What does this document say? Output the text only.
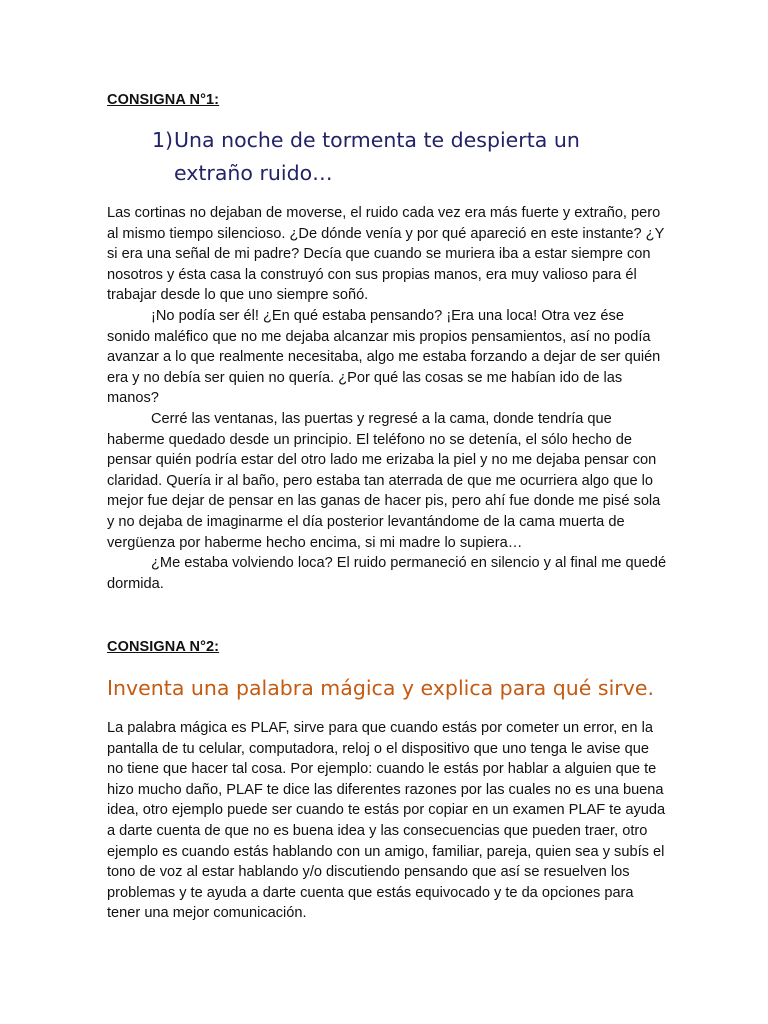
CONSIGNA N°1:
1) Una noche de tormenta te despierta un extraño ruido…

Las cortinas no dejaban de moverse, el ruido cada vez era más fuerte y extraño, pero al mismo tiempo silencioso. ¿De dónde venía y por qué apareció en este instante? ¿Y si era una señal de mi padre? Decía que cuando se muriera iba a estar siempre con nosotros y ésta casa la construyó con sus propias manos, era muy valioso para él trabajar desde lo que uno siempre soñó.

¡No podía ser él! ¿En qué estaba pensando? ¡Era una loca! Otra vez ése sonido maléfico que no me dejaba alcanzar mis propios pensamientos, así no podía avanzar a lo que realmente necesitaba, algo me estaba forzando a dejar de ser quién era y no debía ser quien no quería. ¿Por qué las cosas se me habían ido de las manos?

Cerré las ventanas, las puertas y regresé a la cama, donde tendría que haberme quedado desde un principio. El teléfono no se detenía, el sólo hecho de pensar quién podría estar del otro lado me erizaba la piel y no me dejaba pensar con claridad. Quería ir al baño, pero estaba tan aterrada de que me ocurriera algo que lo mejor fue dejar de pensar en las ganas de hacer pis, pero ahí fue donde me pisé sola y no dejaba de imaginarme el día posterior levantándome de la cama muerta de vergüenza por haberme hecho encima, si mi madre lo supiera…

¿Me estaba volviendo loca? El ruido permaneció en silencio y al final me quedé dormida.

CONSIGNA N°2:
Inventa una palabra mágica y explica para qué sirve.

La palabra mágica es PLAF, sirve para que cuando estás por cometer un error, en la pantalla de tu celular, computadora, reloj o el dispositivo que uno tenga le avise que no tiene que hacer tal cosa. Por ejemplo: cuando le estás por hablar a alguien que te hizo mucho daño, PLAF te dice las diferentes razones por las cuales no es una buena idea, otro ejemplo puede ser cuando te estás por copiar en un examen PLAF te ayuda a darte cuenta de que no es buena idea y las consecuencias que pueden traer, otro ejemplo es cuando estás hablando con un amigo, familiar, pareja, quien sea y subís el tono de voz al estar hablando y/o discutiendo pensando que así se resuelven los problemas y te ayuda a darte cuenta que estás equivocado y te da opciones para tener una mejor comunicación.
